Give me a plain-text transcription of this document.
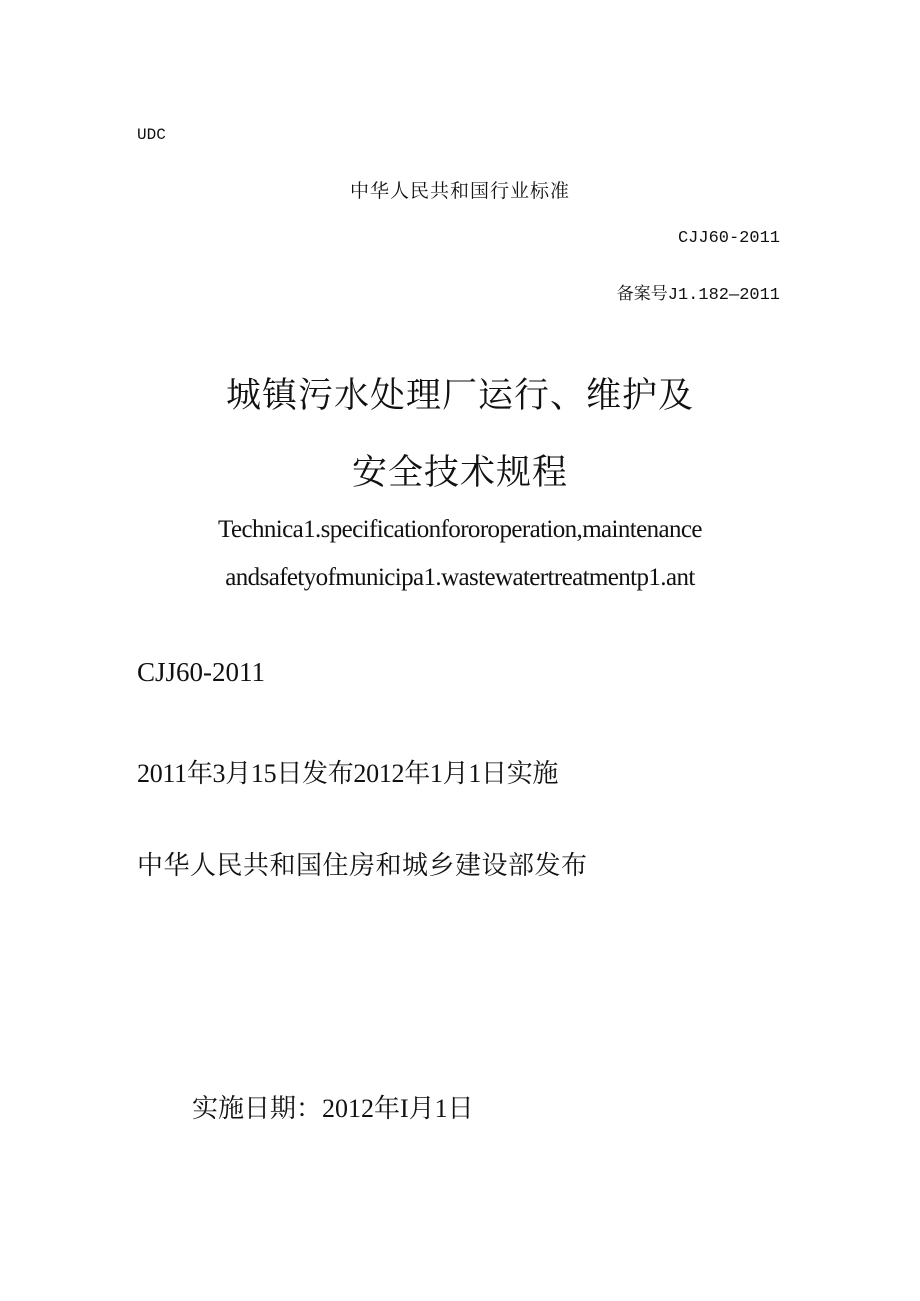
UDC
中华人民共和国行业标准
CJJ60-2011
备案号J1.182—2011
城镇污水处理厂运行、维护及
安全技术规程
Technica1.specificationfororoperation,maintenance
andsafetyofmunicipa1.wastewatertreatmentp1.ant
CJJ60-2011
2011年3月15日发布2012年1月1日实施
中华人民共和国住房和城乡建设部发布
实施日期：2012年I月1日
